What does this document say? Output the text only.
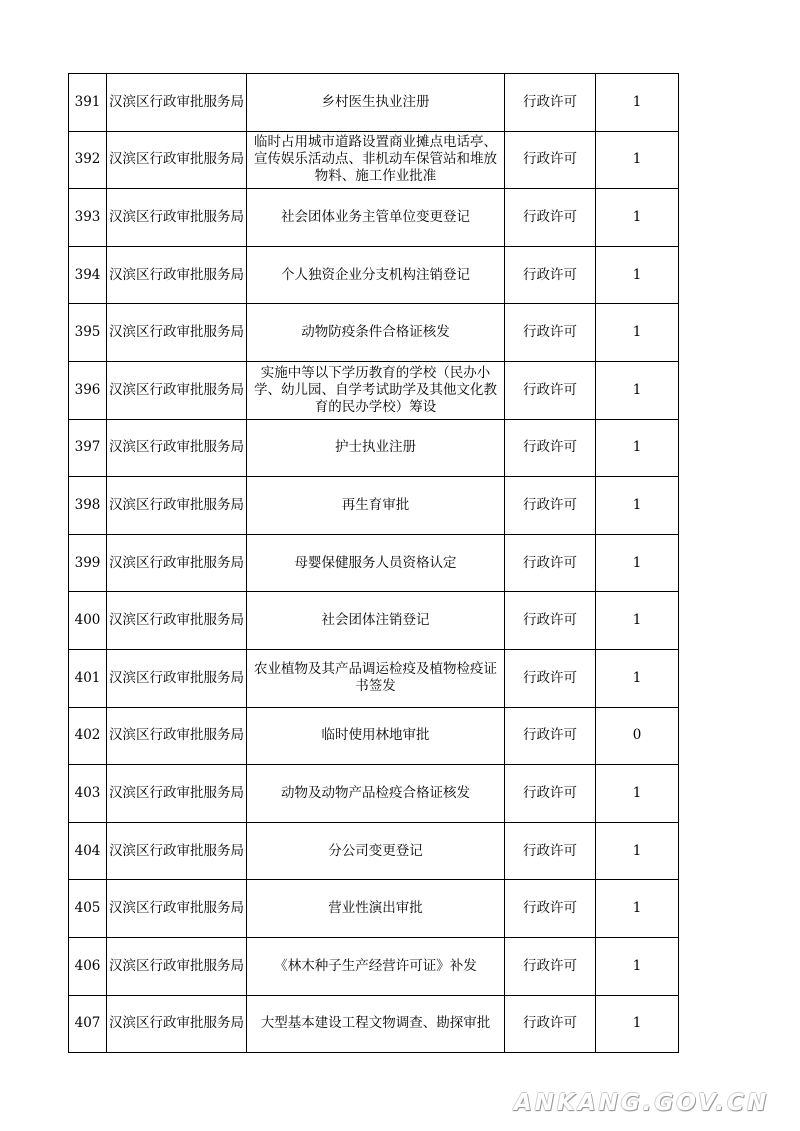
391	汉滨区行政审批服务局	乡村医生执业注册	行政许可	1
392	汉滨区行政审批服务局	临时占用城市道路设置商业摊点电话亭、宣传娱乐活动点、非机动车保管站和堆放物料、施工作业批准	行政许可	1
393	汉滨区行政审批服务局	社会团体业务主管单位变更登记	行政许可	1
394	汉滨区行政审批服务局	个人独资企业分支机构注销登记	行政许可	1
395	汉滨区行政审批服务局	动物防疫条件合格证核发	行政许可	1
396	汉滨区行政审批服务局	实施中等以下学历教育的学校（民办小学、幼儿园、自学考试助学及其他文化教育的民办学校）筹设	行政许可	1
397	汉滨区行政审批服务局	护士执业注册	行政许可	1
398	汉滨区行政审批服务局	再生育审批	行政许可	1
399	汉滨区行政审批服务局	母婴保健服务人员资格认定	行政许可	1
400	汉滨区行政审批服务局	社会团体注销登记	行政许可	1
401	汉滨区行政审批服务局	农业植物及其产品调运检疫及植物检疫证书签发	行政许可	1
402	汉滨区行政审批服务局	临时使用林地审批	行政许可	0
403	汉滨区行政审批服务局	动物及动物产品检疫合格证核发	行政许可	1
404	汉滨区行政审批服务局	分公司变更登记	行政许可	1
405	汉滨区行政审批服务局	营业性演出审批	行政许可	1
406	汉滨区行政审批服务局	《林木种子生产经营许可证》补发	行政许可	1
407	汉滨区行政审批服务局	大型基本建设工程文物调查、勘探审批	行政许可	1
ANKANG.GOV.CN
